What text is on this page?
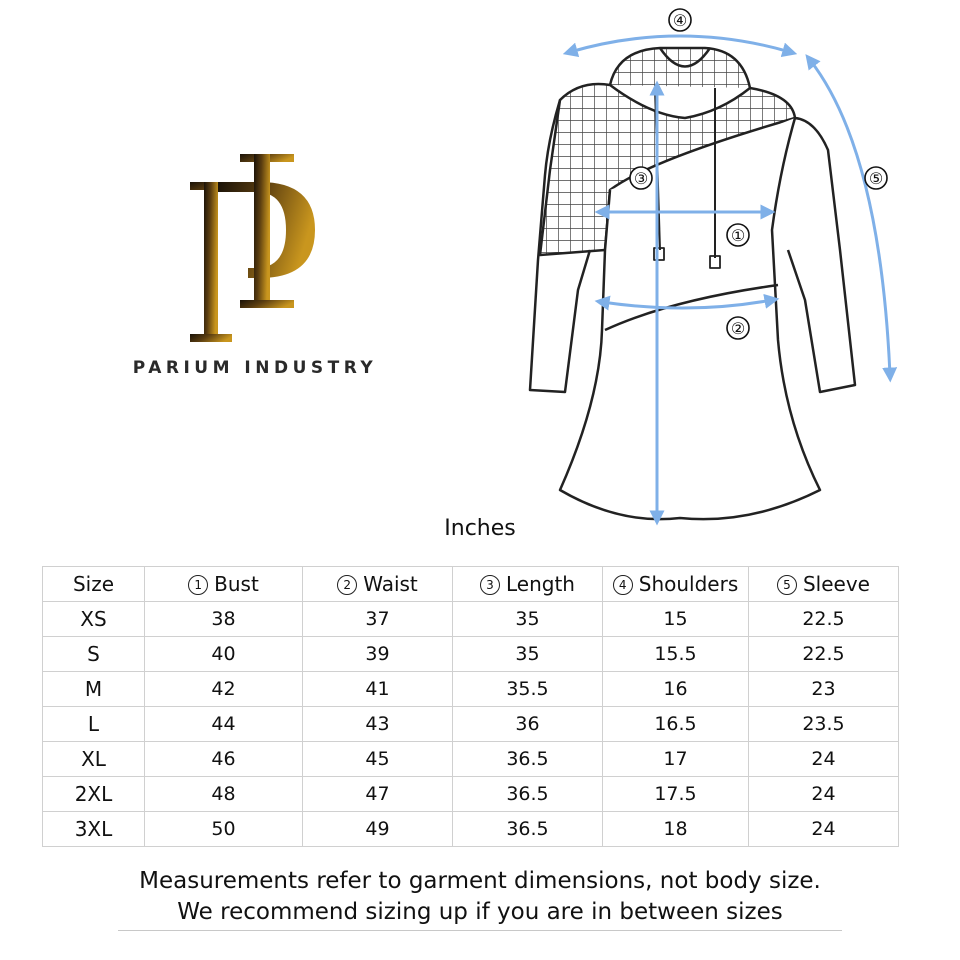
PARIUM INDUSTRY
④
⑤
③
①
②
Inches
Size	1 Bust	2 Waist	3 Length	4 Shoulders	5 Sleeve
XS	38	37	35	15	22.5
S	40	39	35	15.5	22.5
M	42	41	35.5	16	23
L	44	43	36	16.5	23.5
XL	46	45	36.5	17	24
2XL	48	47	36.5	17.5	24
3XL	50	49	36.5	18	24
Measurements refer to garment dimensions, not body size.
We recommend sizing up if you are in between sizes
